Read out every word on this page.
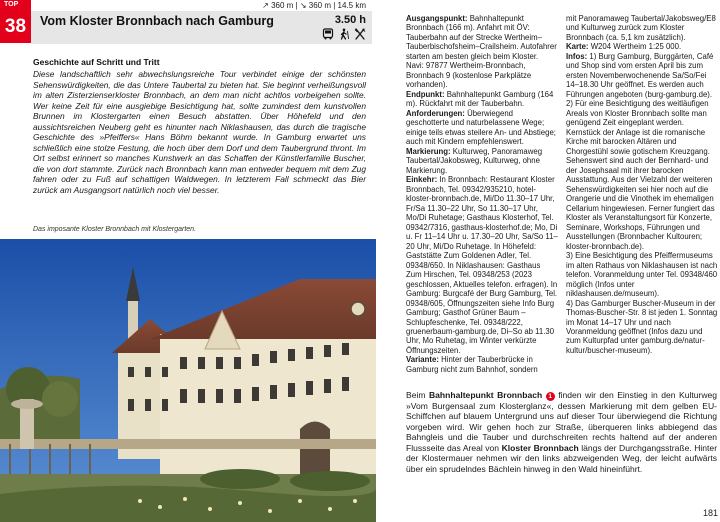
TOP
38
↗ 360 m | ↘ 360 m | 14.5 km
Vom Kloster Bronnbach nach Gamburg	3.50 h
Geschichte auf Schritt und Tritt

Diese landschaftlich sehr abwechslungsreiche Tour verbindet einige der schönsten Sehenswürdigkeiten, die das Untere Taubertal zu bieten hat. Sie beginnt verheißungsvoll im alten Zisterzienserkloster Bronnbach, an dem man nicht achtlos vorbeigehen sollte. Wer keine Zeit für eine ausgiebige Besichtigung hat, sollte zumindest dem kunstvollen Brunnen im Klostergarten einen Besuch abstatten. Über Höhefeld und den aussichtsreichen Neuberg geht es hinunter nach Niklashausen, das durch die tragische Geschichte des »Pfeiffers« Hans Böhm bekannt wurde. In Gamburg erwartet uns schließlich eine stolze Festung, die hoch über dem Dorf und dem Taubergrund thront. Im Ort selbst erinnert so manches Kunstwerk an das Schaffen der Künstlerfamilie Buscher, die von dort stammte. Zurück nach Bronnbach kann man entweder bequem mit dem Zug fahren oder zu Fuß auf schattigen Waldwegen. In letzterem Fall schmeckt das Bier zurück am Ausgangsort natürlich noch viel besser.

Das imposante Kloster Bronnbach mit Klostergarten.

Ausgangspunkt: Bahnhaltepunkt Bronnbach (166 m). Anfahrt mit ÖV: Tauberbahn auf der Strecke Wertheim–Tauberbischofsheim–Crailsheim. Autofahrer starten am besten gleich beim Kloster. Navi: 97877 Wertheim-Bronnbach, Bronnbach 9 (kostenlose Parkplätze vorhanden).

Endpunkt: Bahnhaltepunkt Gamburg (164 m). Rückfahrt mit der Tauberbahn.

Anforderungen: Überwiegend geschotterte und naturbelassene Wege; einige teils etwas steilere An- und Abstiege; auch mit Kindern empfehlenswert.

Markierung: Kulturweg, Panoramaweg Taubertal/Jakobsweg, Kulturweg, ohne Markierung.

Einkehr: In Bronnbach: Restaurant Kloster Bronnbach, Tel. 09342/935210, hotel-kloster-bronnbach.de, Mi/Do 11.30–17 Uhr, Fr/Sa 11.30–22 Uhr, So 11.30–17 Uhr, Mo/Di Ruhetage; Gasthaus Klosterhof, Tel. 09342/7316, gasthaus-klosterhof.de; Mo, Di u. Fr 11–14 Uhr u. 17.30–20 Uhr, Sa/So 11–20 Uhr, Mi/Do Ruhetage. In Höhefeld: Gaststätte Zum Goldenen Adler, Tel. 09348/650. In Niklashausen: Gasthaus Zum Hirschen, Tel. 09348/253 (2023 geschlossen, Aktuelles telefon. erfragen). In Gamburg: Burgcafé der Burg Gamburg, Tel. 09348/605, Öffnungszeiten siehe Info Burg Gamburg; Gasthof Grüner Baum – Schlupfeschenke, Tel. 09348/222, gruenerbaum-gamburg.de, Di–So ab 11.30 Uhr, Mo Ruhetag, im Winter verkürzte Öffnungszeiten.

Variante: Hinter der Tauberbrücke in Gamburg nicht zum Bahnhof, sondern

mit Panoramaweg Taubertal/Jakobsweg/E8 und Kulturweg zurück zum Kloster Bronnbach (ca. 5,1 km zusätzlich).

Karte: W204 Wertheim 1:25 000.

Infos: 1) Burg Gamburg, Burggärten, Café und Shop sind vom ersten April bis zum ersten Novemberwochenende Sa/So/Fei 14–18.30 Uhr geöffnet. Es werden auch Führungen angeboten (burg-gamburg.de).

2) Für eine Besichtigung des weitläufigen Areals von Kloster Bronnbach sollte man genügend Zeit eingeplant werden. Kernstück der Anlage ist die romanische Kirche mit barocken Altären und Chorgestühl sowie gotischem Kreuzgang. Sehenswert sind auch der Bernhard- und der Josephsaal mit ihrer barocken Ausstattung. Aus der Vielzahl der weiteren Sehenswürdigkeiten sei hier noch auf die Orangerie und die Vinothek im ehemaligen Cellarium hingewiesen. Ferner fungiert das Kloster als Veranstaltungsort für Konzerte, Seminare, Workshops, Führungen und Ausstellungen (Bronnbacher Kultouren; kloster-bronnbach.de).

3) Eine Besichtigung des Pfeiffermuseums im alten Rathaus von Niklashausen ist nach telefon. Voranmeldung unter Tel. 09348/460 möglich (Infos unter niklashausen.de/museum).

4) Das Gamburger Buscher-Museum in der Thomas-Buscher-Str. 8 ist jeden 1. Sonntag im Monat 14–17 Uhr und nach Voranmeldung geöffnet (Infos dazu und zum Kulturpfad unter gamburg.de/natur-kultur/buscher-museum).

Beim Bahnhaltepunkt Bronnbach 1 finden wir den Einstieg in den Kulturweg »Vom Burgensaal zum Klosterglanz«, dessen Markierung mit dem gelben EU-Schiffchen auf blauem Untergrund uns auf dieser Tour überwiegend die Richtung vorgeben wird. Wir gehen hoch zur Straße, überqueren links abbiegend das Bahngleis und die Tauber und durchschreiten rechts haltend auf der anderen Flussseite das Areal von Kloster Bronnbach längs der Durchgangsstraße. Hinter der Klostermauer nehmen wir den links abzweigenden Weg, der leicht aufwärts über ein sprudelndes Bächlein hinweg in den Wald hineinführt.

181
